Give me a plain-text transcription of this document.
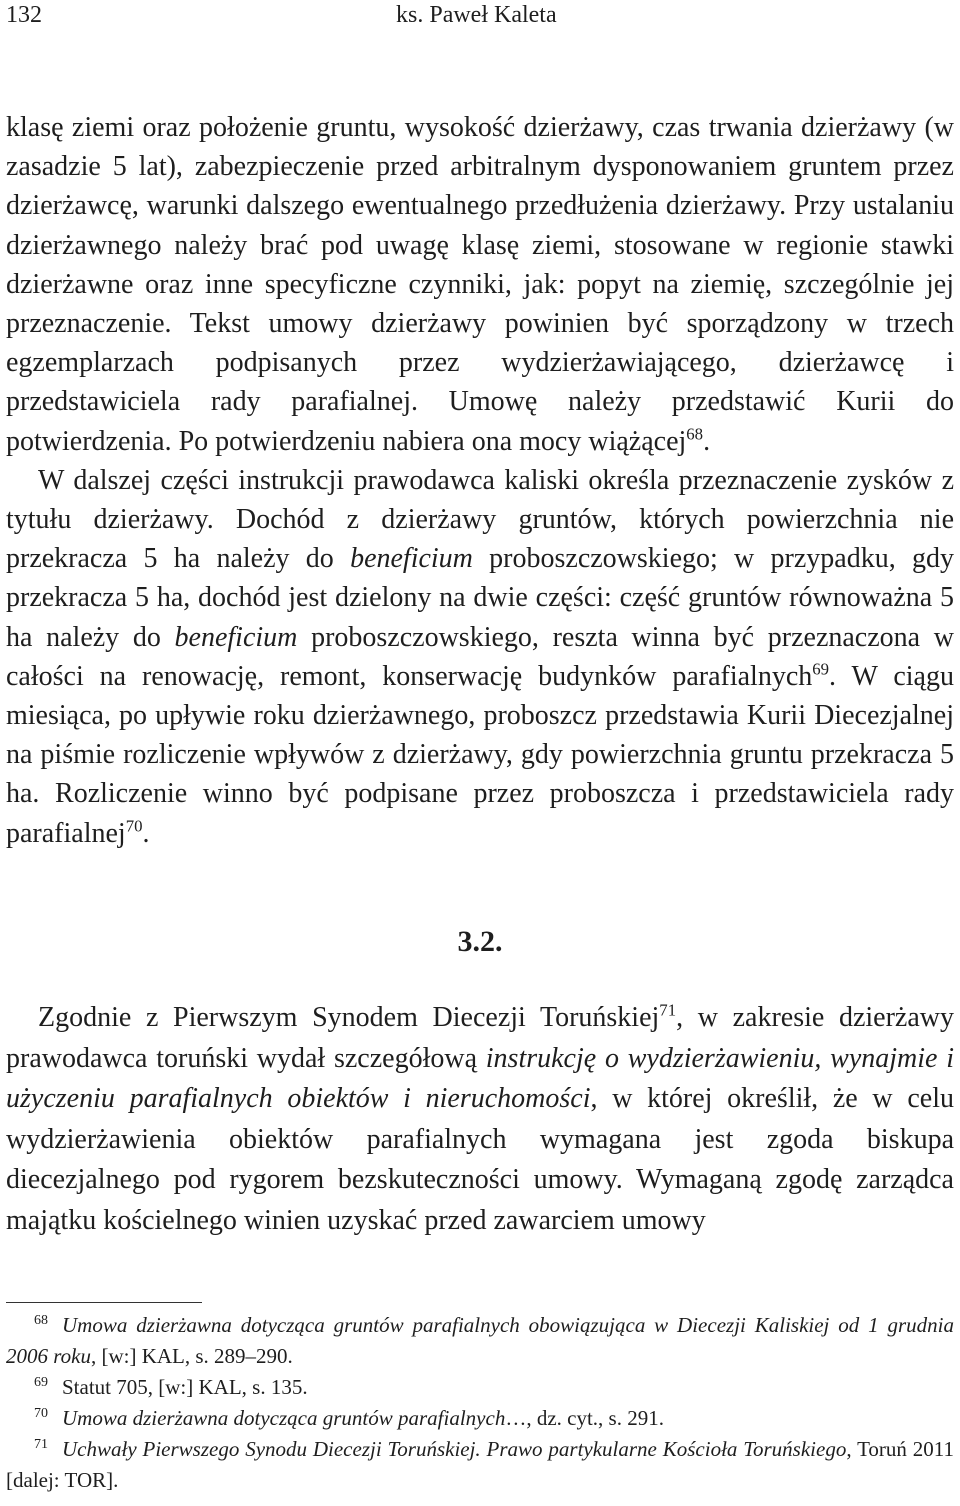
132	ks. Paweł Kaleta

klasę ziemi oraz położenie gruntu, wysokość dzierżawy, czas trwania dzierżawy (w zasadzie 5 lat), zabezpieczenie przed arbitralnym dysponowaniem gruntem przez dzierżawcę, warunki dalszego ewentualnego przedłużenia dzierżawy. Przy ustalaniu dzierżawnego należy brać pod uwagę klasę ziemi, stosowane w regionie stawki dzierżawne oraz inne specyficzne czynniki, jak: popyt na ziemię, szczególnie jej przeznaczenie. Tekst umowy dzierżawy powinien być sporządzony w trzech egzemplarzach podpisanych przez wydzierżawiającego, dzierżawcę i przedstawiciela rady parafialnej. Umowę należy przedstawić Kurii do potwierdzenia. Po potwierdzeniu nabiera ona mocy wiążącej$^{68}$.

W dalszej części instrukcji prawodawca kaliski określa przeznaczenie zysków z tytułu dzierżawy. Dochód z dzierżawy gruntów, których powierzchnia nie przekracza 5 ha należy do beneficium proboszczowskiego; w przypadku, gdy przekracza 5 ha, dochód jest dzielony na dwie części: część gruntów równoważna 5 ha należy do beneficium proboszczowskiego, reszta winna być przeznaczona w całości na renowację, remont, konserwację budynków parafialnych$^{69}$. W ciągu miesiąca, po upływie roku dzierżawnego, proboszcz przedstawia Kurii Diecezjalnej na piśmie rozliczenie wpływów z dzierżawy, gdy powierzchnia gruntu przekracza 5 ha. Rozliczenie winno być podpisane przez proboszcza i przedstawiciela rady parafialnej$^{70}$.

3.2.

Zgodnie z Pierwszym Synodem Diecezji Toruńskiej$^{71}$, w zakresie dzierżawy prawodawca toruński wydał szczegółową instrukcję o wydzierżawieniu, wynajmie i użyczeniu parafialnych obiektów i nieruchomości, w której określił, że w celu wydzierżawienia obiektów parafialnych wymagana jest zgoda biskupa diecezjalnego pod rygorem bezskuteczności umowy. Wymaganą zgodę zarządca majątku kościelnego winien uzyskać przed zawarciem umowy

$^{68}$ Umowa dzierżawna dotycząca gruntów parafialnych obowiązująca w Diecezji Kaliskiej od 1 grudnia 2006 roku, [w:] KAL, s. 289–290.

$^{69}$ Statut 705, [w:] KAL, s. 135.

$^{70}$ Umowa dzierżawna dotycząca gruntów parafialnych…, dz. cyt., s. 291.

$^{71}$ Uchwały Pierwszego Synodu Diecezji Toruńskiej. Prawo partykularne Kościoła Toruńskiego, Toruń 2011 [dalej: TOR].
